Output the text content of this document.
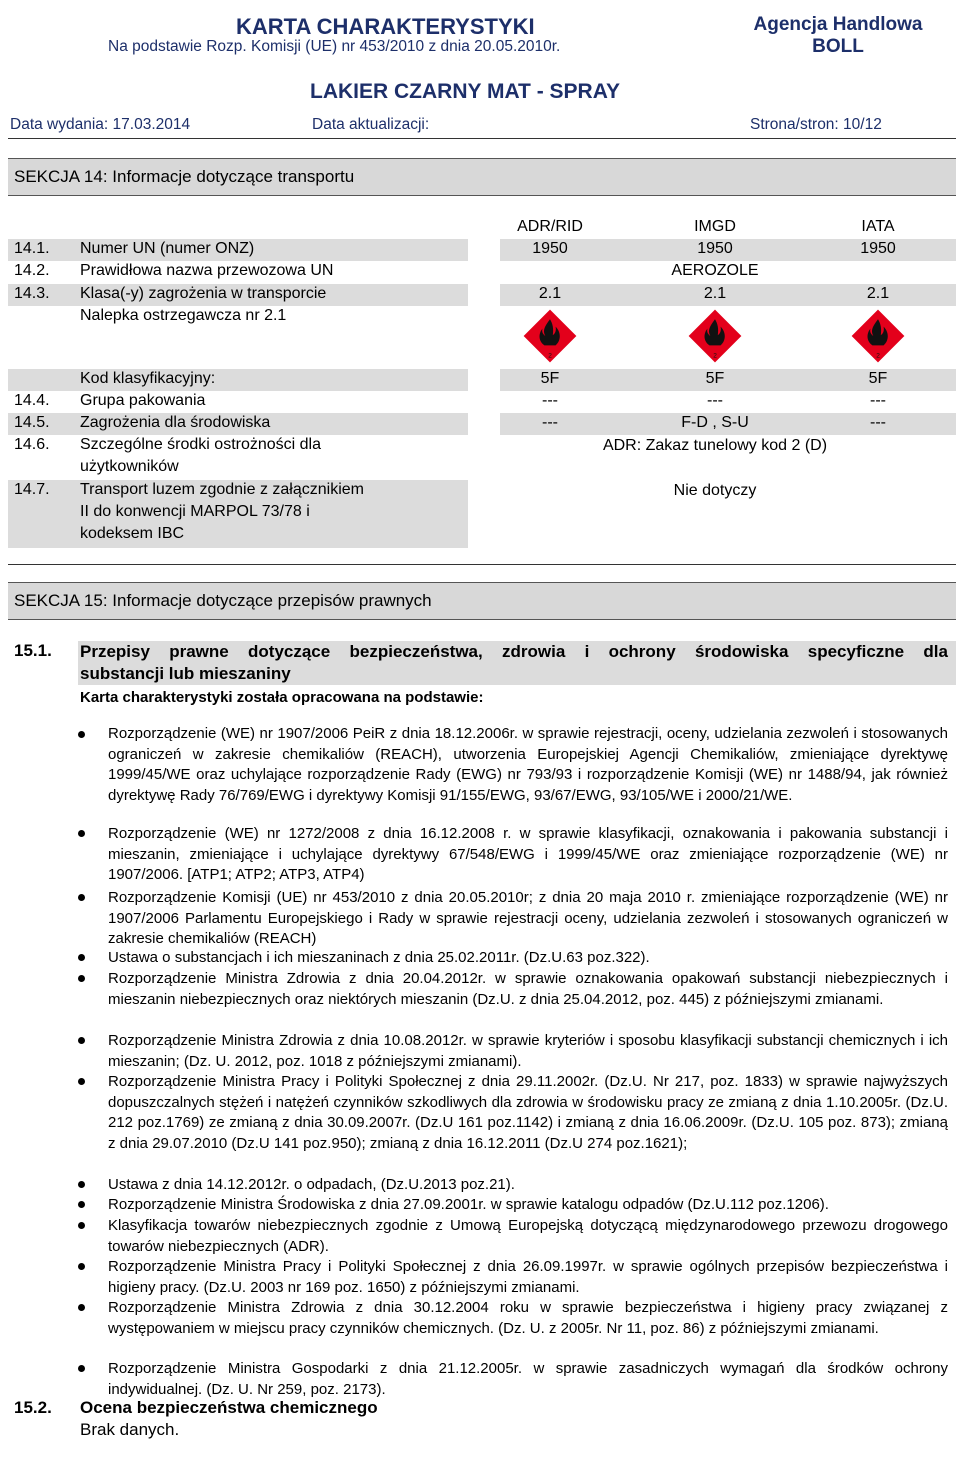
KARTA CHARAKTERYSTYKI
Na podstawie Rozp. Komisji (UE) nr 453/2010 z dnia 20.05.2010r.
Agencja Handlowa
BOLL
LAKIER CZARNY MAT - SPRAY
Data wydania: 17.03.2014	Data aktualizacji:	Strona/stron: 10/12
SEKCJA 14: Informacje dotyczące transportu
ADR/RID	IMGD	IATA
14.1. Numer UN (numer ONZ)	1950	1950	1950
14.2. Prawidłowa nazwa przewozowa UN	AEROZOLE
14.3. Klasa(-y) zagrożenia w transporcie	2.1	2.1	2.1
Nalepka ostrzegawcza nr 2.1
2	2	2
Kod klasyfikacyjny:	5F	5F	5F
14.4. Grupa pakowania	---	---	---
14.5. Zagrożenia dla środowiska	---	F-D , S-U	---
14.6. Szczególne środki ostrożności dla
użytkowników
ADR: Zakaz tunelowy kod 2 (D)
14.7. Transport luzem zgodnie z załącznikiem
II do konwencji MARPOL 73/78 i
kodeksem IBC
Nie dotyczy
SEKCJA 15: Informacje dotyczące przepisów prawnych
15.1. Przepisy prawne dotyczące bezpieczeństwa, zdrowia i ochrony środowiska specyficzne dla
substancji lub mieszaniny
Karta charakterystyki została opracowana na podstawie:
Rozporządzenie (WE) nr 1907/2006 PeiR z dnia 18.12.2006r. w sprawie rejestracji, oceny, udzielania zezwoleń i stosowanych ograniczeń w zakresie chemikaliów (REACH), utworzenia Europejskiej Agencji Chemikaliów, zmieniające dyrektywę 1999/45/WE oraz uchylające rozporządzenie Rady (EWG) nr 793/93 i rozporządzenie Komisji (WE) nr 1488/94, jak również dyrektywę Rady 76/769/EWG i dyrektywy Komisji 91/155/EWG, 93/67/EWG, 93/105/WE i 2000/21/WE.
Rozporządzenie (WE) nr 1272/2008 z dnia 16.12.2008 r. w sprawie klasyfikacji, oznakowania i pakowania substancji i mieszanin, zmieniające i uchylające dyrektywy 67/548/EWG i 1999/45/WE oraz zmieniające rozporządzenie (WE) nr 1907/2006. [ATP1; ATP2; ATP3, ATP4)
Rozporządzenie Komisji (UE) nr 453/2010 z dnia 20.05.2010r; z dnia 20 maja 2010 r. zmieniające rozporządzenie (WE) nr 1907/2006 Parlamentu Europejskiego i Rady w sprawie rejestracji oceny, udzielania zezwoleń i stosowanych ograniczeń w zakresie chemikaliów (REACH)
Ustawa o substancjach i ich mieszaninach z dnia 25.02.2011r. (Dz.U.63 poz.322).
Rozporządzenie Ministra Zdrowia z dnia 20.04.2012r. w sprawie oznakowania opakowań substancji niebezpiecznych i mieszanin niebezpiecznych oraz niektórych mieszanin (Dz.U. z dnia 25.04.2012, poz. 445) z późniejszymi zmianami.
Rozporządzenie Ministra Zdrowia z dnia 10.08.2012r. w sprawie kryteriów i sposobu klasyfikacji substancji chemicznych i ich mieszanin; (Dz. U. 2012, poz. 1018 z późniejszymi zmianami).
Rozporządzenie Ministra Pracy i Polityki Społecznej z dnia 29.11.2002r. (Dz.U. Nr 217, poz. 1833) w sprawie najwyższych dopuszczalnych stężeń i natężeń czynników szkodliwych dla zdrowia w środowisku pracy ze zmianą z dnia 1.10.2005r. (Dz.U. 212 poz.1769) ze zmianą z dnia 30.09.2007r. (Dz.U 161 poz.1142) i zmianą z dnia 16.06.2009r. (Dz.U. 105 poz. 873); zmianą z dnia 29.07.2010 (Dz.U 141 poz.950); zmianą z dnia 16.12.2011 (Dz.U 274 poz.1621);
Ustawa z dnia 14.12.2012r. o odpadach, (Dz.U.2013 poz.21).
Rozporządzenie Ministra Środowiska z dnia 27.09.2001r. w sprawie katalogu odpadów (Dz.U.112 poz.1206).
Klasyfikacja towarów niebezpiecznych zgodnie z Umową Europejską dotyczącą międzynarodowego przewozu drogowego towarów niebezpiecznych (ADR).
Rozporządzenie Ministra Pracy i Polityki Społecznej z dnia 26.09.1997r. w sprawie ogólnych przepisów bezpieczeństwa i higieny pracy. (Dz.U. 2003 nr 169 poz. 1650) z późniejszymi zmianami.
Rozporządzenie Ministra Zdrowia z dnia 30.12.2004 roku w sprawie bezpieczeństwa i higieny pracy związanej z występowaniem w miejscu pracy czynników chemicznych. (Dz. U. z 2005r. Nr 11, poz. 86) z późniejszymi zmianami.
Rozporządzenie Ministra Gospodarki z dnia 21.12.2005r. w sprawie zasadniczych wymagań dla środków ochrony indywidualnej. (Dz. U. Nr 259, poz. 2173).
15.2. Ocena bezpieczeństwa chemicznego
Brak danych.
